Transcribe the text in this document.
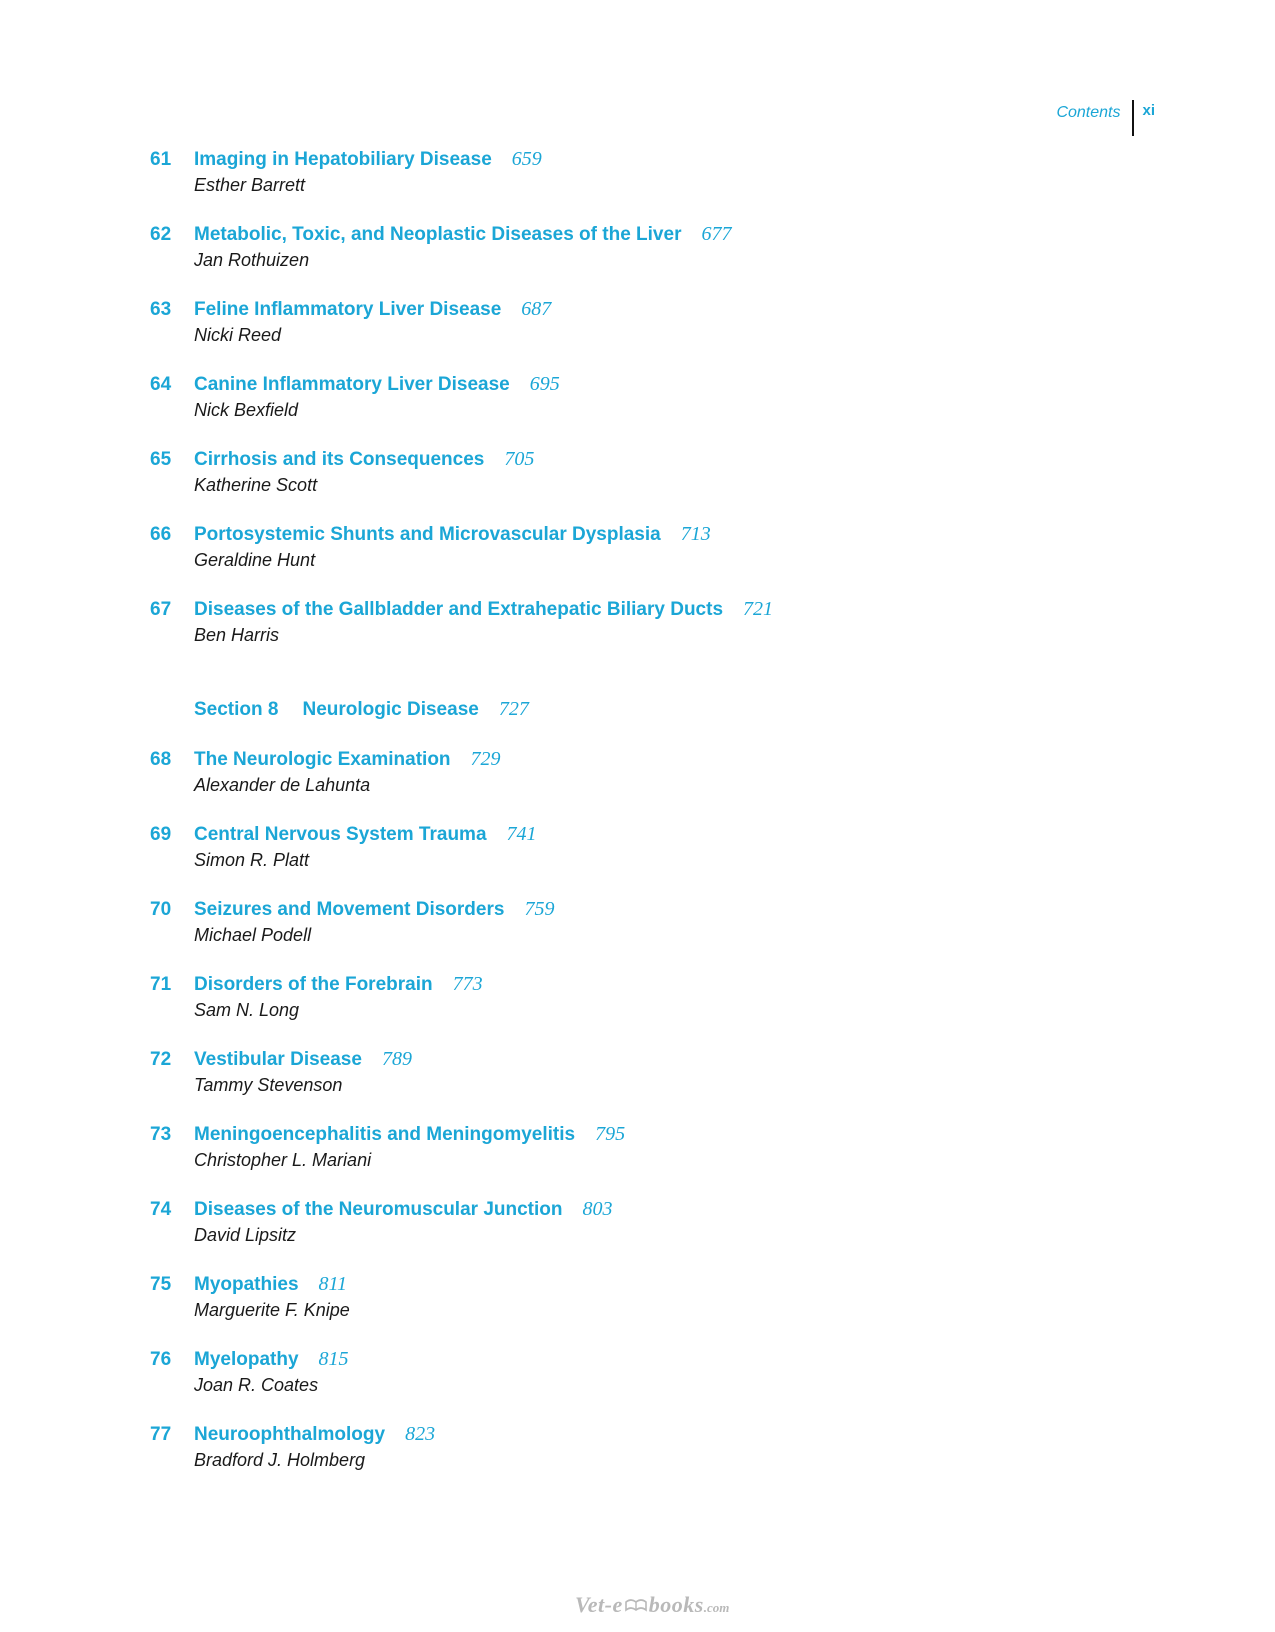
Contents xi
61	Imaging in Hepatobiliary Disease 659
Esther Barrett
62	Metabolic, Toxic, and Neoplastic Diseases of the Liver 677
Jan Rothuizen
63	Feline Inflammatory Liver Disease 687
Nicki Reed
64	Canine Inflammatory Liver Disease 695
Nick Bexfield
65	Cirrhosis and its Consequences 705
Katherine Scott
66	Portosystemic Shunts and Microvascular Dysplasia 713
Geraldine Hunt
67	Diseases of the Gallbladder and Extrahepatic Biliary Ducts 721
Ben Harris
Section 8 Neurologic Disease 727
68	The Neurologic Examination 729
Alexander de Lahunta
69	Central Nervous System Trauma 741
Simon R. Platt
70	Seizures and Movement Disorders 759
Michael Podell
71	Disorders of the Forebrain 773
Sam N. Long
72	Vestibular Disease 789
Tammy Stevenson
73	Meningoencephalitis and Meningomyelitis 795
Christopher L. Mariani
74	Diseases of the Neuromuscular Junction 803
David Lipsitz
75	Myopathies 811
Marguerite F. Knipe
76	Myelopathy 815
Joan R. Coates
77	Neuroophthalmology 823
Bradford J. Holmberg
Vet-e books .com
